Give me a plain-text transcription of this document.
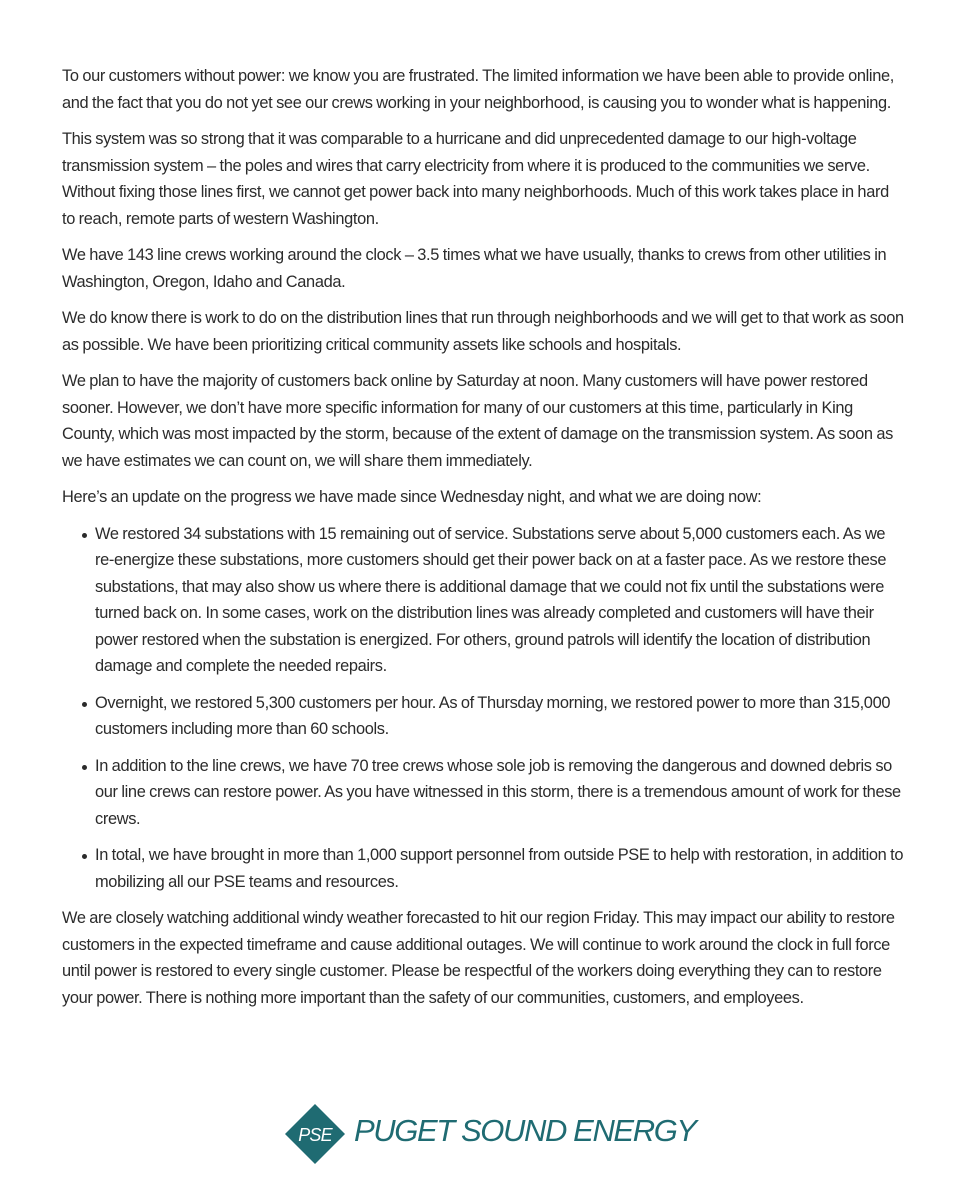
To our customers without power: we know you are frustrated. The limited information we have been able to provide online, and the fact that you do not yet see our crews working in your neighborhood, is causing you to wonder what is happening.

This system was so strong that it was comparable to a hurricane and did unprecedented damage to our high-voltage transmission system – the poles and wires that carry electricity from where it is produced to the communities we serve. Without fixing those lines first, we cannot get power back into many neighborhoods. Much of this work takes place in hard to reach, remote parts of western Washington.

We have 143 line crews working around the clock – 3.5 times what we have usually, thanks to crews from other utilities in Washington, Oregon, Idaho and Canada.

We do know there is work to do on the distribution lines that run through neighborhoods and we will get to that work as soon as possible. We have been prioritizing critical community assets like schools and hospitals.

We plan to have the majority of customers back online by Saturday at noon. Many customers will have power restored sooner. However, we don’t have more specific information for many of our customers at this time, particularly in King County, which was most impacted by the storm, because of the extent of damage on the transmission system. As soon as we have estimates we can count on, we will share them immediately.

Here’s an update on the progress we have made since Wednesday night, and what we are doing now:

We restored 34 substations with 15 remaining out of service. Substations serve about 5,000 customers each. As we re-energize these substations, more customers should get their power back on at a faster pace. As we restore these substations, that may also show us where there is additional damage that we could not fix until the substations were turned back on. In some cases, work on the distribution lines was already completed and customers will have their power restored when the substation is energized. For others, ground patrols will identify the location of distribution damage and complete the needed repairs.
Overnight, we restored 5,300 customers per hour. As of Thursday morning, we restored power to more than 315,000 customers including more than 60 schools.
In addition to the line crews, we have 70 tree crews whose sole job is removing the dangerous and downed debris so our line crews can restore power. As you have witnessed in this storm, there is a tremendous amount of work for these crews.
In total, we have brought in more than 1,000 support personnel from outside PSE to help with restoration, in addition to mobilizing all our PSE teams and resources.

We are closely watching additional windy weather forecasted to hit our region Friday. This may impact our ability to restore customers in the expected timeframe and cause additional outages. We will continue to work around the clock in full force until power is restored to every single customer. Please be respectful of the workers doing everything they can to restore your power. There is nothing more important than the safety of our communities, customers, and employees.

PSE PUGET SOUND ENERGY
